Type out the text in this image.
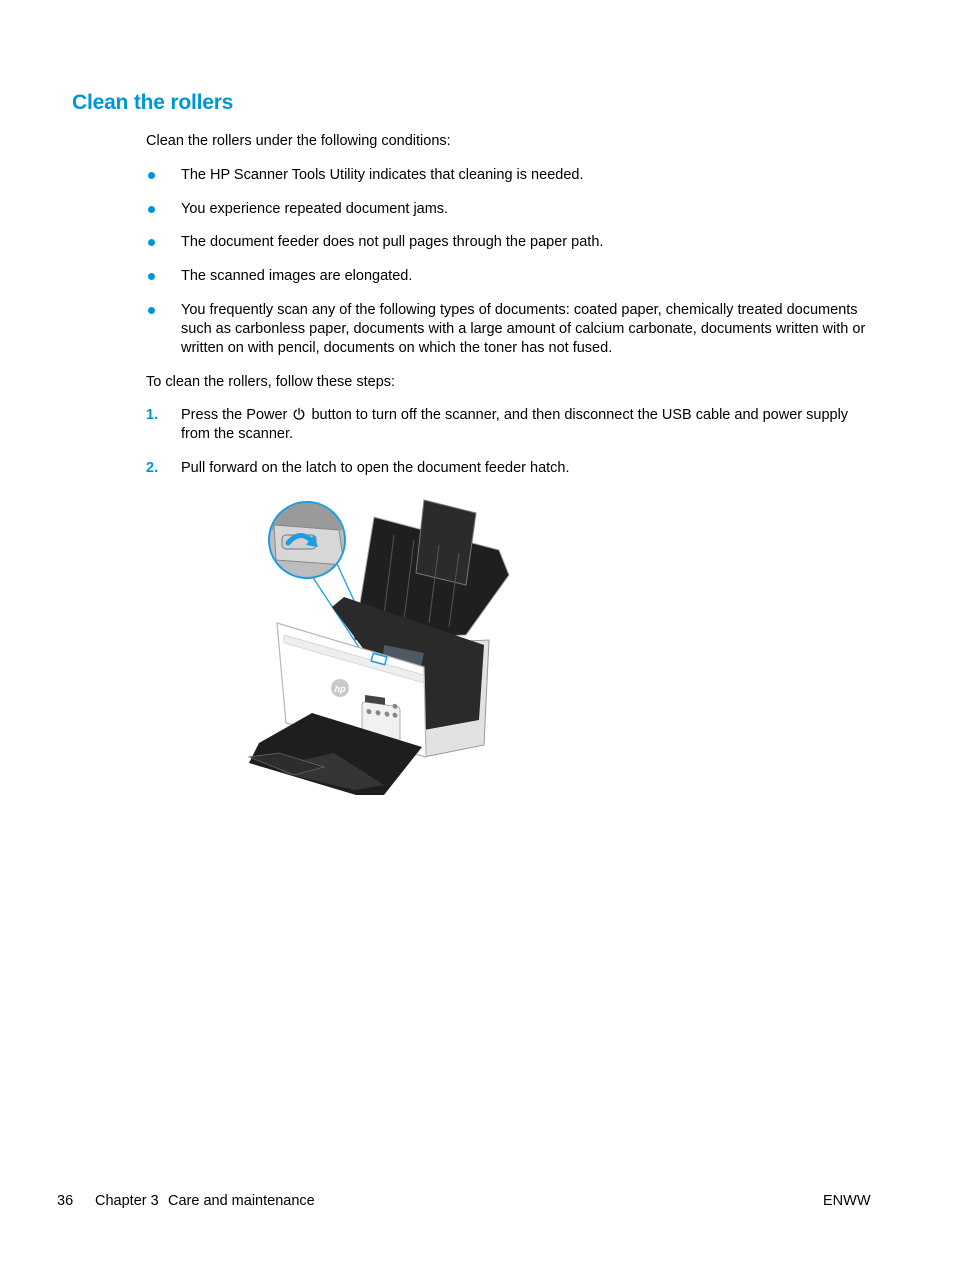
Clean the rollers

Clean the rollers under the following conditions:

The HP Scanner Tools Utility indicates that cleaning is needed.
You experience repeated document jams.
The document feeder does not pull pages through the paper path.
The scanned images are elongated.
You frequently scan any of the following types of documents: coated paper, chemically treated documents such as carbonless paper, documents with a large amount of calcium carbonate, documents written with or written on with pencil, documents on which the toner has not fused.

To clean the rollers, follow these steps:

1.	Press the Power button to turn off the scanner, and then disconnect the USB cable and power supply from the scanner.
2.	Pull forward on the latch to open the document feeder hatch.
hp
36 Chapter 3 Care and maintenance	ENWW
